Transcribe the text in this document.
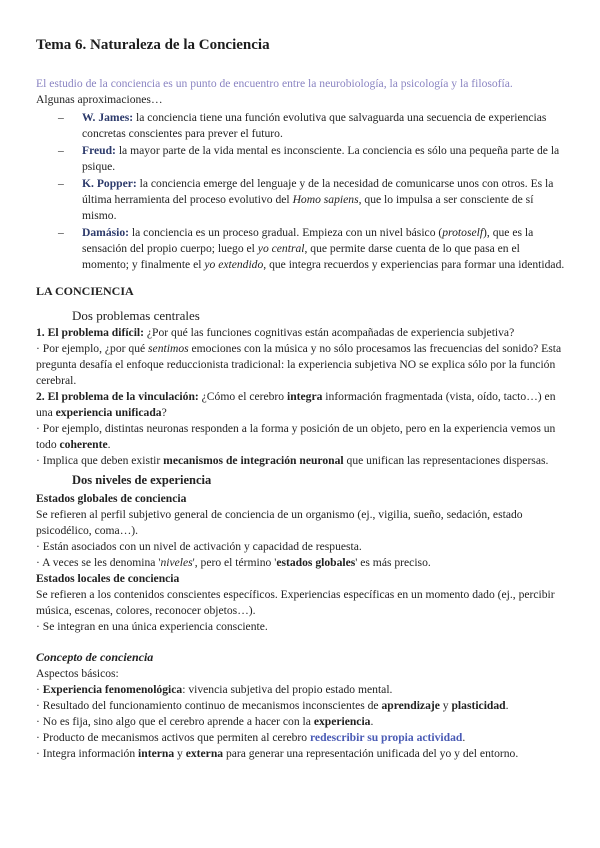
Tema 6. Naturaleza de la Conciencia

El estudio de la conciencia es un punto de encuentro entre la neurobiología, la psicología y la filosofía.

Algunas aproximaciones…

– W. James: la conciencia tiene una función evolutiva que salvaguarda una secuencia de experiencias concretas conscientes para prever el futuro.
– Freud: la mayor parte de la vida mental es inconsciente. La conciencia es sólo una pequeña parte de la psique.
– K. Popper: la conciencia emerge del lenguaje y de la necesidad de comunicarse unos con otros. Es la última herramienta del proceso evolutivo del Homo sapiens, que lo impulsa a ser consciente de sí mismo.
– Damásio: la conciencia es un proceso gradual. Empieza con un nivel básico (protoself), que es la sensación del propio cuerpo; luego el yo central, que permite darse cuenta de lo que pasa en el momento; y finalmente el yo extendido, que integra recuerdos y experiencias para formar una identidad.
LA CONCIENCIA
Dos problemas centrales

1. El problema difícil: ¿Por qué las funciones cognitivas están acompañadas de experiencia subjetiva?

· Por ejemplo, ¿por qué sentimos emociones con la música y no sólo procesamos las frecuencias del sonido? Esta pregunta desafía el enfoque reduccionista tradicional: la experiencia subjetiva NO se explica sólo por la función cerebral.

2. El problema de la vinculación: ¿Cómo el cerebro integra información fragmentada (vista, oído, tacto…) en una experiencia unificada?

· Por ejemplo, distintas neuronas responden a la forma y posición de un objeto, pero en la experiencia vemos un todo coherente.

· Implica que deben existir mecanismos de integración neuronal que unifican las representaciones dispersas.

Dos niveles de experiencia

Estados globales de conciencia

Se refieren al perfil subjetivo general de conciencia de un organismo (ej., vigilia, sueño, sedación, estado psicodélico, coma…).

· Están asociados con un nivel de activación y capacidad de respuesta.

· A veces se les denomina 'niveles', pero el término 'estados globales' es más preciso.

Estados locales de conciencia

Se refieren a los contenidos conscientes específicos. Experiencias específicas en un momento dado (ej., percibir música, escenas, colores, reconocer objetos…).

· Se integran en una única experiencia consciente.

Concepto de conciencia

Aspectos básicos:

· Experiencia fenomenológica: vivencia subjetiva del propio estado mental.

· Resultado del funcionamiento continuo de mecanismos inconscientes de aprendizaje y plasticidad.

· No es fija, sino algo que el cerebro aprende a hacer con la experiencia.

· Producto de mecanismos activos que permiten al cerebro redescribir su propia actividad.

· Integra información interna y externa para generar una representación unificada del yo y del entorno.
